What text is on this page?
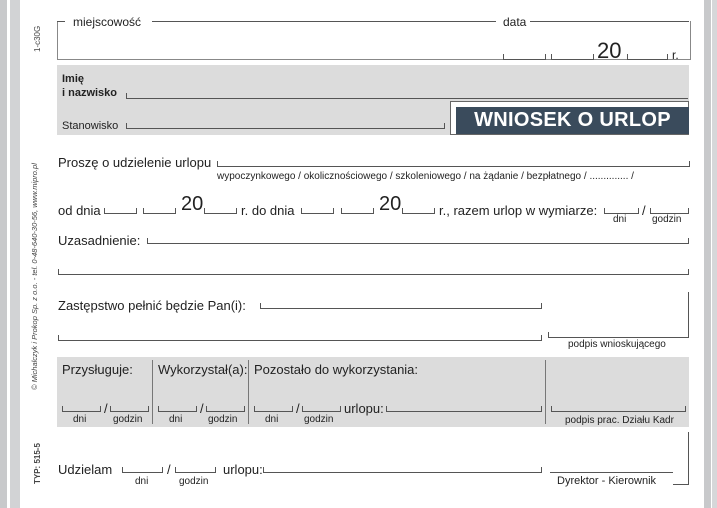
1-c30G
© Michalczyk i Prokop Sp. z o.o. - tel. 0-48-640-30-56, www.mipro.pl
TYP: 515-5
miejscowość	data
20	r.
Imię
i nazwisko
Stanowisko	WNIOSEK O URLOP
Proszę o udzielenie urlopu
wypoczynkowego / okolicznościowego / szkoleniowego / na żądanie / bezpłatnego / .............. /
od dnia	20	r. do dnia	20	r., razem urlop w wymiarze:	/
dni	godzin
Uzasadnienie:
Zastępstwo pełnić będzie Pan(i):
podpis wnioskującego
Przysługuje: Wykorzystał(a): Pozostało do wykorzystania:
/
dni	godzin
/
dni	godzin
/
dni	godzin
urlopu:
podpis prac. Działu Kadr
Udzielam	/
dni	godzin
urlopu:
Dyrektor - Kierownik
